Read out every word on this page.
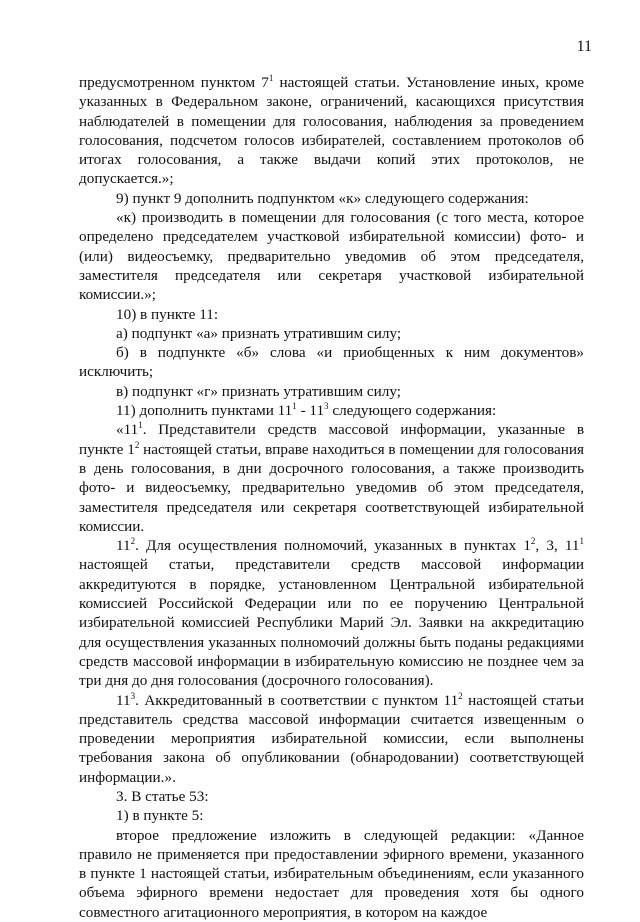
11

предусмотренном пунктом $7^1$ настоящей статьи. Установление иных, кроме указанных в Федеральном законе, ограничений, касающихся присутствия наблюдателей в помещении для голосования, наблюдения за проведением голосования, подсчетом голосов избирателей, составлением протоколов об итогах голосования, а также выдачи копий этих протоколов, не допускается.»;

9) пункт 9 дополнить подпунктом «к» следующего содержания:

«к) производить в помещении для голосования (с того места, которое определено председателем участковой избирательной комиссии) фото- и (или) видеосъемку, предварительно уведомив об этом председателя, заместителя председателя или секретаря участковой избирательной комиссии.»;

10) в пункте 11:

а) подпункт «а» признать утратившим силу;

б) в подпункте «б» слова «и приобщенных к ним документов» исключить;

в) подпункт «г» признать утратившим силу;

11) дополнить пунктами $11^1 - 11^3$ следующего содержания:

«$11^1$. Представители средств массовой информации, указанные в пункте $1^2$ настоящей статьи, вправе находиться в помещении для голосования в день голосования, в дни досрочного голосования, а также производить фото- и видеосъемку, предварительно уведомив об этом председателя, заместителя председателя или секретаря соответствующей избирательной комиссии.

$11^2$. Для осуществления полномочий, указанных в пунктах $1^2$, 3, $11^1$ настоящей статьи, представители средств массовой информации аккредитуются в порядке, установленном Центральной избирательной комиссией Российской Федерации или по ее поручению Центральной избирательной комиссией Республики Марий Эл. Заявки на аккредитацию для осуществления указанных полномочий должны быть поданы редакциями средств массовой информации в избирательную комиссию не позднее чем за три дня до дня голосования (досрочного голосования).

$11^3$. Аккредитованный в соответствии с пунктом $11^2$ настоящей статьи представитель средства массовой информации считается извещенным о проведении мероприятия избирательной комиссии, если выполнены требования закона об опубликовании (обнародовании) соответствующей информации.».

3. В статье 53:

1) в пункте 5:

второе предложение изложить в следующей редакции: «Данное правило не применяется при предоставлении эфирного времени, указанного в пункте 1 настоящей статьи, избирательным объединениям, если указанного объема эфирного времени недостает для проведения хотя бы одного совместного агитационного мероприятия, в котором на каждое
